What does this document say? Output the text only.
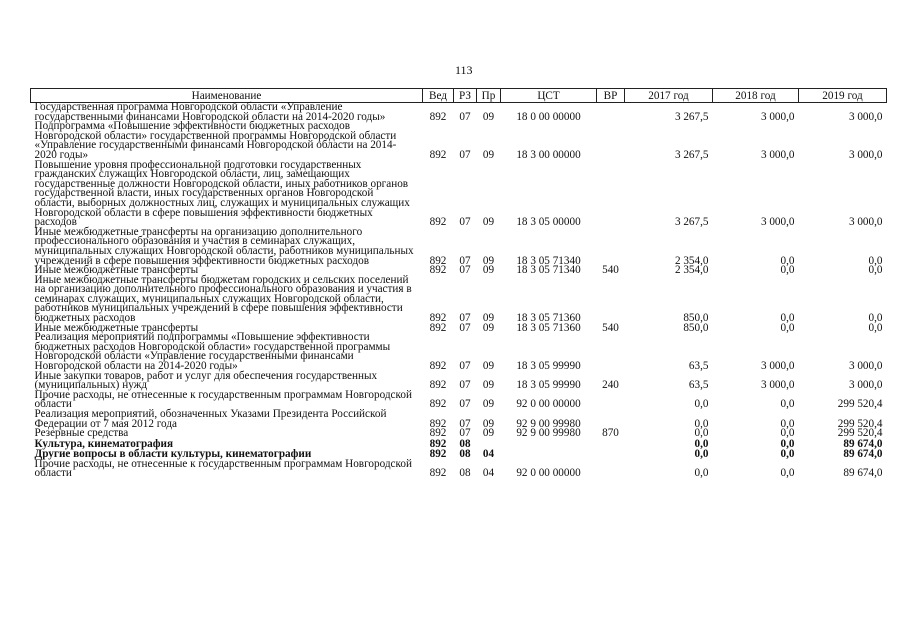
113
Наименование	Вед	РЗ	Пр	ЦСТ	ВР	2017 год	2018 год	2019 год
Государственная программа Новгородской области «Управление государственными финансами Новгородской области на 2014-2020 годы»	892	07	09	18 0 00 00000		3 267,5	3 000,0	3 000,0
Подпрограмма «Повышение эффективности бюджетных расходов Новгородской области» государственной программы Новгородской области «Управление государственными финансами Новгородской области на 2014-2020 годы»	892	07	09	18 3 00 00000		3 267,5	3 000,0	3 000,0
Повышение уровня профессиональной подготовки государственных гражданских служащих Новгородской области, лиц, замещающих государственные должности Новгородской области, иных работников органов государственной власти, иных государственных органов Новгородской области, выборных должностных лиц, служащих и муниципальных служащих Новгородской области в сфере повышения эффективности бюджетных расходов	892	07	09	18 3 05 00000		3 267,5	3 000,0	3 000,0
Иные межбюджетные трансферты на организацию дополнительного профессионального образования и участия в семинарах служащих, муниципальных служащих Новгородской области, работников муниципальных учреждений в сфере повышения эффективности бюджетных расходов	892	07	09	18 3 05 71340		2 354,0	0,0	0,0
Иные межбюджетные трансферты	892	07	09	18 3 05 71340	540	2 354,0	0,0	0,0
Иные межбюджетные трансферты бюджетам городских и сельских поселений на организацию дополнительного профессионального образования и участия в семинарах служащих, муниципальных служащих Новгородской области, работников муниципальных учреждений в сфере повышения эффективности бюджетных расходов	892	07	09	18 3 05 71360		850,0	0,0	0,0
Иные межбюджетные трансферты	892	07	09	18 3 05 71360	540	850,0	0,0	0,0
Реализация мероприятий подпрограммы «Повышение эффективности бюджетных расходов Новгородской области» государственной программы Новгородской области «Управление государственными финансами Новгородской области на 2014-2020 годы»	892	07	09	18 3 05 99990		63,5	3 000,0	3 000,0
Иные закупки товаров, работ и услуг для обеспечения государственных (муниципальных) нужд	892	07	09	18 3 05 99990	240	63,5	3 000,0	3 000,0
Прочие расходы, не отнесенные к государственным программам Новгородской области	892	07	09	92 0 00 00000		0,0	0,0	299 520,4
Реализация мероприятий, обозначенных Указами Президента Российской Федерации от 7 мая 2012 года	892	07	09	92 9 00 99980		0,0	0,0	299 520,4
Резервные средства	892	07	09	92 9 00 99980	870	0,0	0,0	299 520,4
Культура, кинематография	892	08				0,0	0,0	89 674,0
Другие вопросы в области культуры, кинематографии	892	08	04			0,0	0,0	89 674,0
Прочие расходы, не отнесенные к государственным программам Новгородской области	892	08	04	92 0 00 00000		0,0	0,0	89 674,0
